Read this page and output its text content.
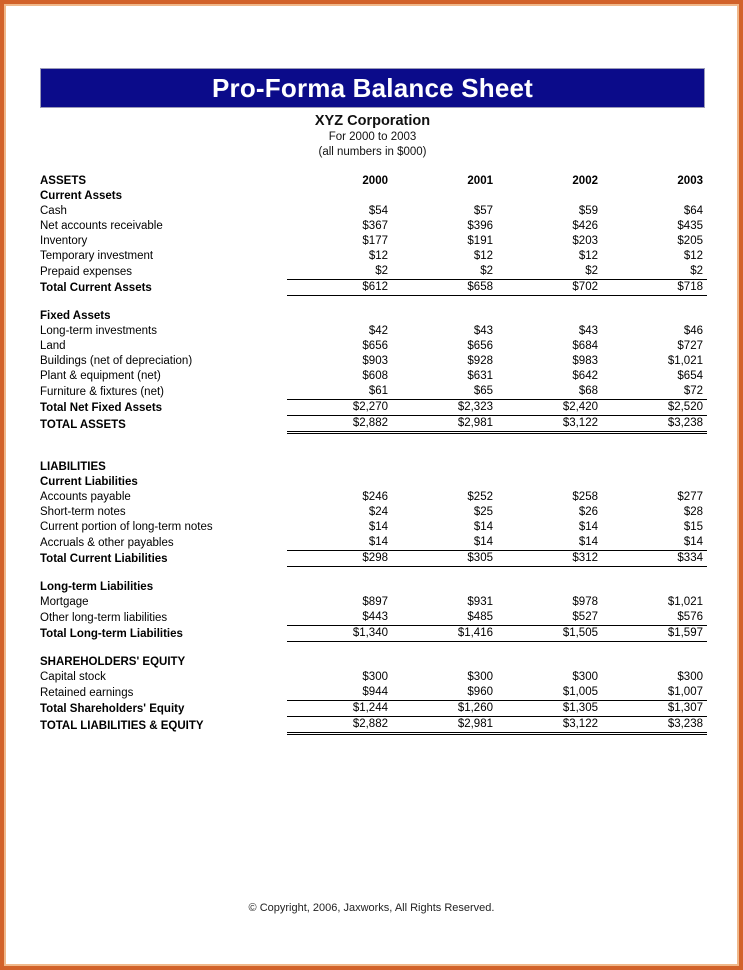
Pro-Forma Balance Sheet
XYZ Corporation
For 2000 to 2003
(all numbers in $000)
ASSETS	2000	2001	2002	2003
Current Assets				
Cash	$54	$57	$59	$64
Net accounts receivable	$367	$396	$426	$435
Inventory	$177	$191	$203	$205
Temporary investment	$12	$12	$12	$12
Prepaid expenses	$2	$2	$2	$2
Total Current Assets	$612	$658	$702	$718

Fixed Assets				
Long-term investments	$42	$43	$43	$46
Land	$656	$656	$684	$727
Buildings (net of depreciation)	$903	$928	$983	$1,021
Plant & equipment (net)	$608	$631	$642	$654
Furniture & fixtures (net)	$61	$65	$68	$72
Total Net Fixed Assets	$2,270	$2,323	$2,420	$2,520
TOTAL ASSETS	$2,882	$2,981	$3,122	$3,238

LIABILITIES				
Current Liabilities				
Accounts payable	$246	$252	$258	$277
Short-term notes	$24	$25	$26	$28
Current portion of long-term notes	$14	$14	$14	$15
Accruals & other payables	$14	$14	$14	$14
Total Current Liabilities	$298	$305	$312	$334

Long-term Liabilities				
Mortgage	$897	$931	$978	$1,021
Other long-term liabilities	$443	$485	$527	$576
Total Long-term Liabilities	$1,340	$1,416	$1,505	$1,597

SHAREHOLDERS' EQUITY				
Capital stock	$300	$300	$300	$300
Retained earnings	$944	$960	$1,005	$1,007
Total Shareholders' Equity	$1,244	$1,260	$1,305	$1,307
TOTAL LIABILITIES & EQUITY	$2,882	$2,981	$3,122	$3,238
© Copyright, 2006, Jaxworks, All Rights Reserved.
